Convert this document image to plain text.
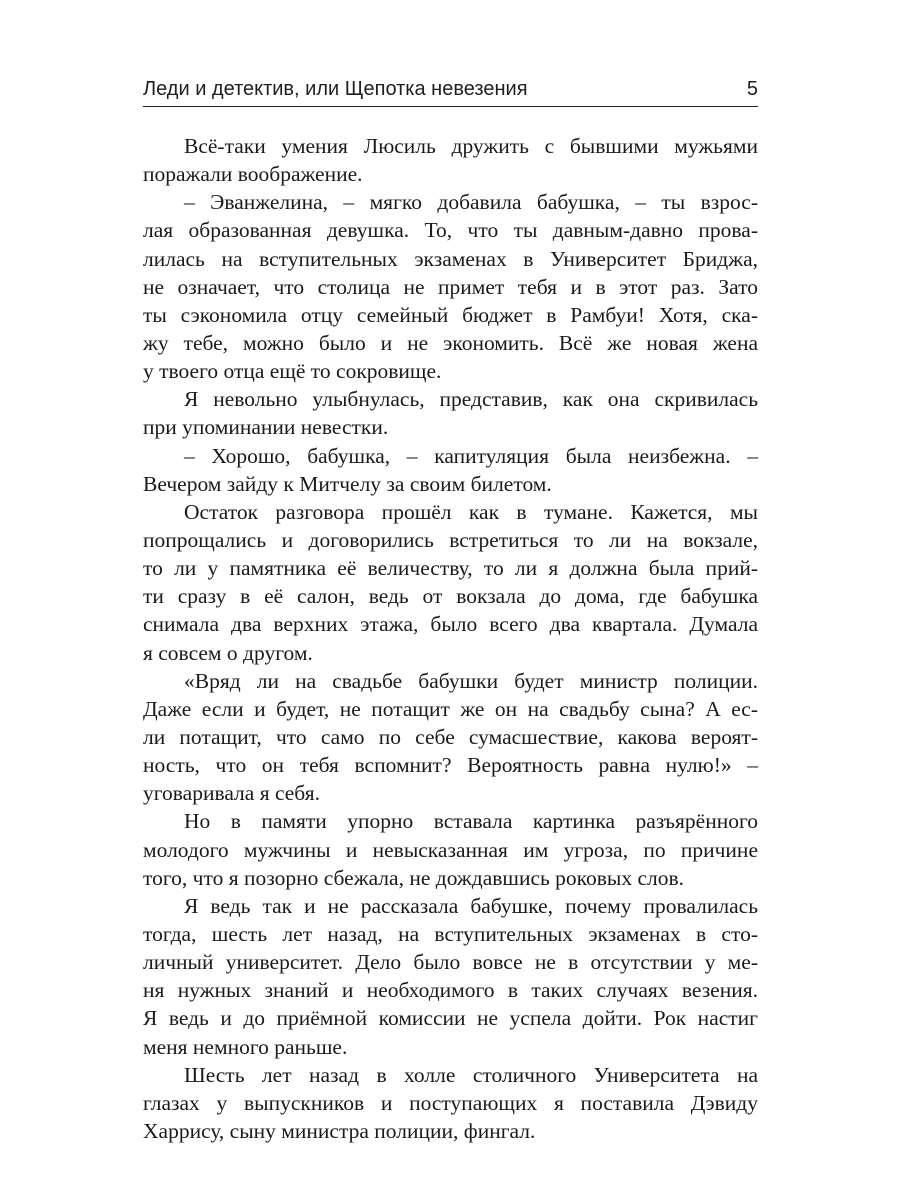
Леди и детектив, или Щепотка невезения	5

Всё-таки умения Люсиль дружить с бывшими мужьями
поражали воображение.

– Эванжелина, – мягко добавила бабушка, – ты взрос-
лая образованная девушка. То, что ты давным-давно прова-
лилась на вступительных экзаменах в Университет Бриджа,
не означает, что столица не примет тебя и в этот раз. Зато
ты сэкономила отцу семейный бюджет в Рамбуи! Хотя, ска-
жу тебе, можно было и не экономить. Всё же новая жена
у твоего отца ещё то сокровище.

Я невольно улыбнулась, представив, как она скривилась
при упоминании невестки.

– Хорошо, бабушка, – капитуляция была неизбежна. –
Вечером зайду к Митчелу за своим билетом.

Остаток разговора прошёл как в тумане. Кажется, мы
попрощались и договорились встретиться то ли на вокзале,
то ли у памятника её величеству, то ли я должна была прий-
ти сразу в её салон, ведь от вокзала до дома, где бабушка
снимала два верхних этажа, было всего два квартала. Думала
я совсем о другом.

«Вряд ли на свадьбе бабушки будет министр полиции.
Даже если и будет, не потащит же он на свадьбу сына? А ес-
ли потащит, что само по себе сумасшествие, какова вероят-
ность, что он тебя вспомнит? Вероятность равна нулю!» –
уговаривала я себя.

Но в памяти упорно вставала картинка разъярённого
молодого мужчины и невысказанная им угроза, по причине
того, что я позорно сбежала, не дождавшись роковых слов.

Я ведь так и не рассказала бабушке, почему провалилась
тогда, шесть лет назад, на вступительных экзаменах в сто-
личный университет. Дело было вовсе не в отсутствии у ме-
ня нужных знаний и необходимого в таких случаях везения.
Я ведь и до приёмной комиссии не успела дойти. Рок настиг
меня немного раньше.

Шесть лет назад в холле столичного Университета на
глазах у выпускников и поступающих я поставила Дэвиду
Харрису, сыну министра полиции, фингал.
